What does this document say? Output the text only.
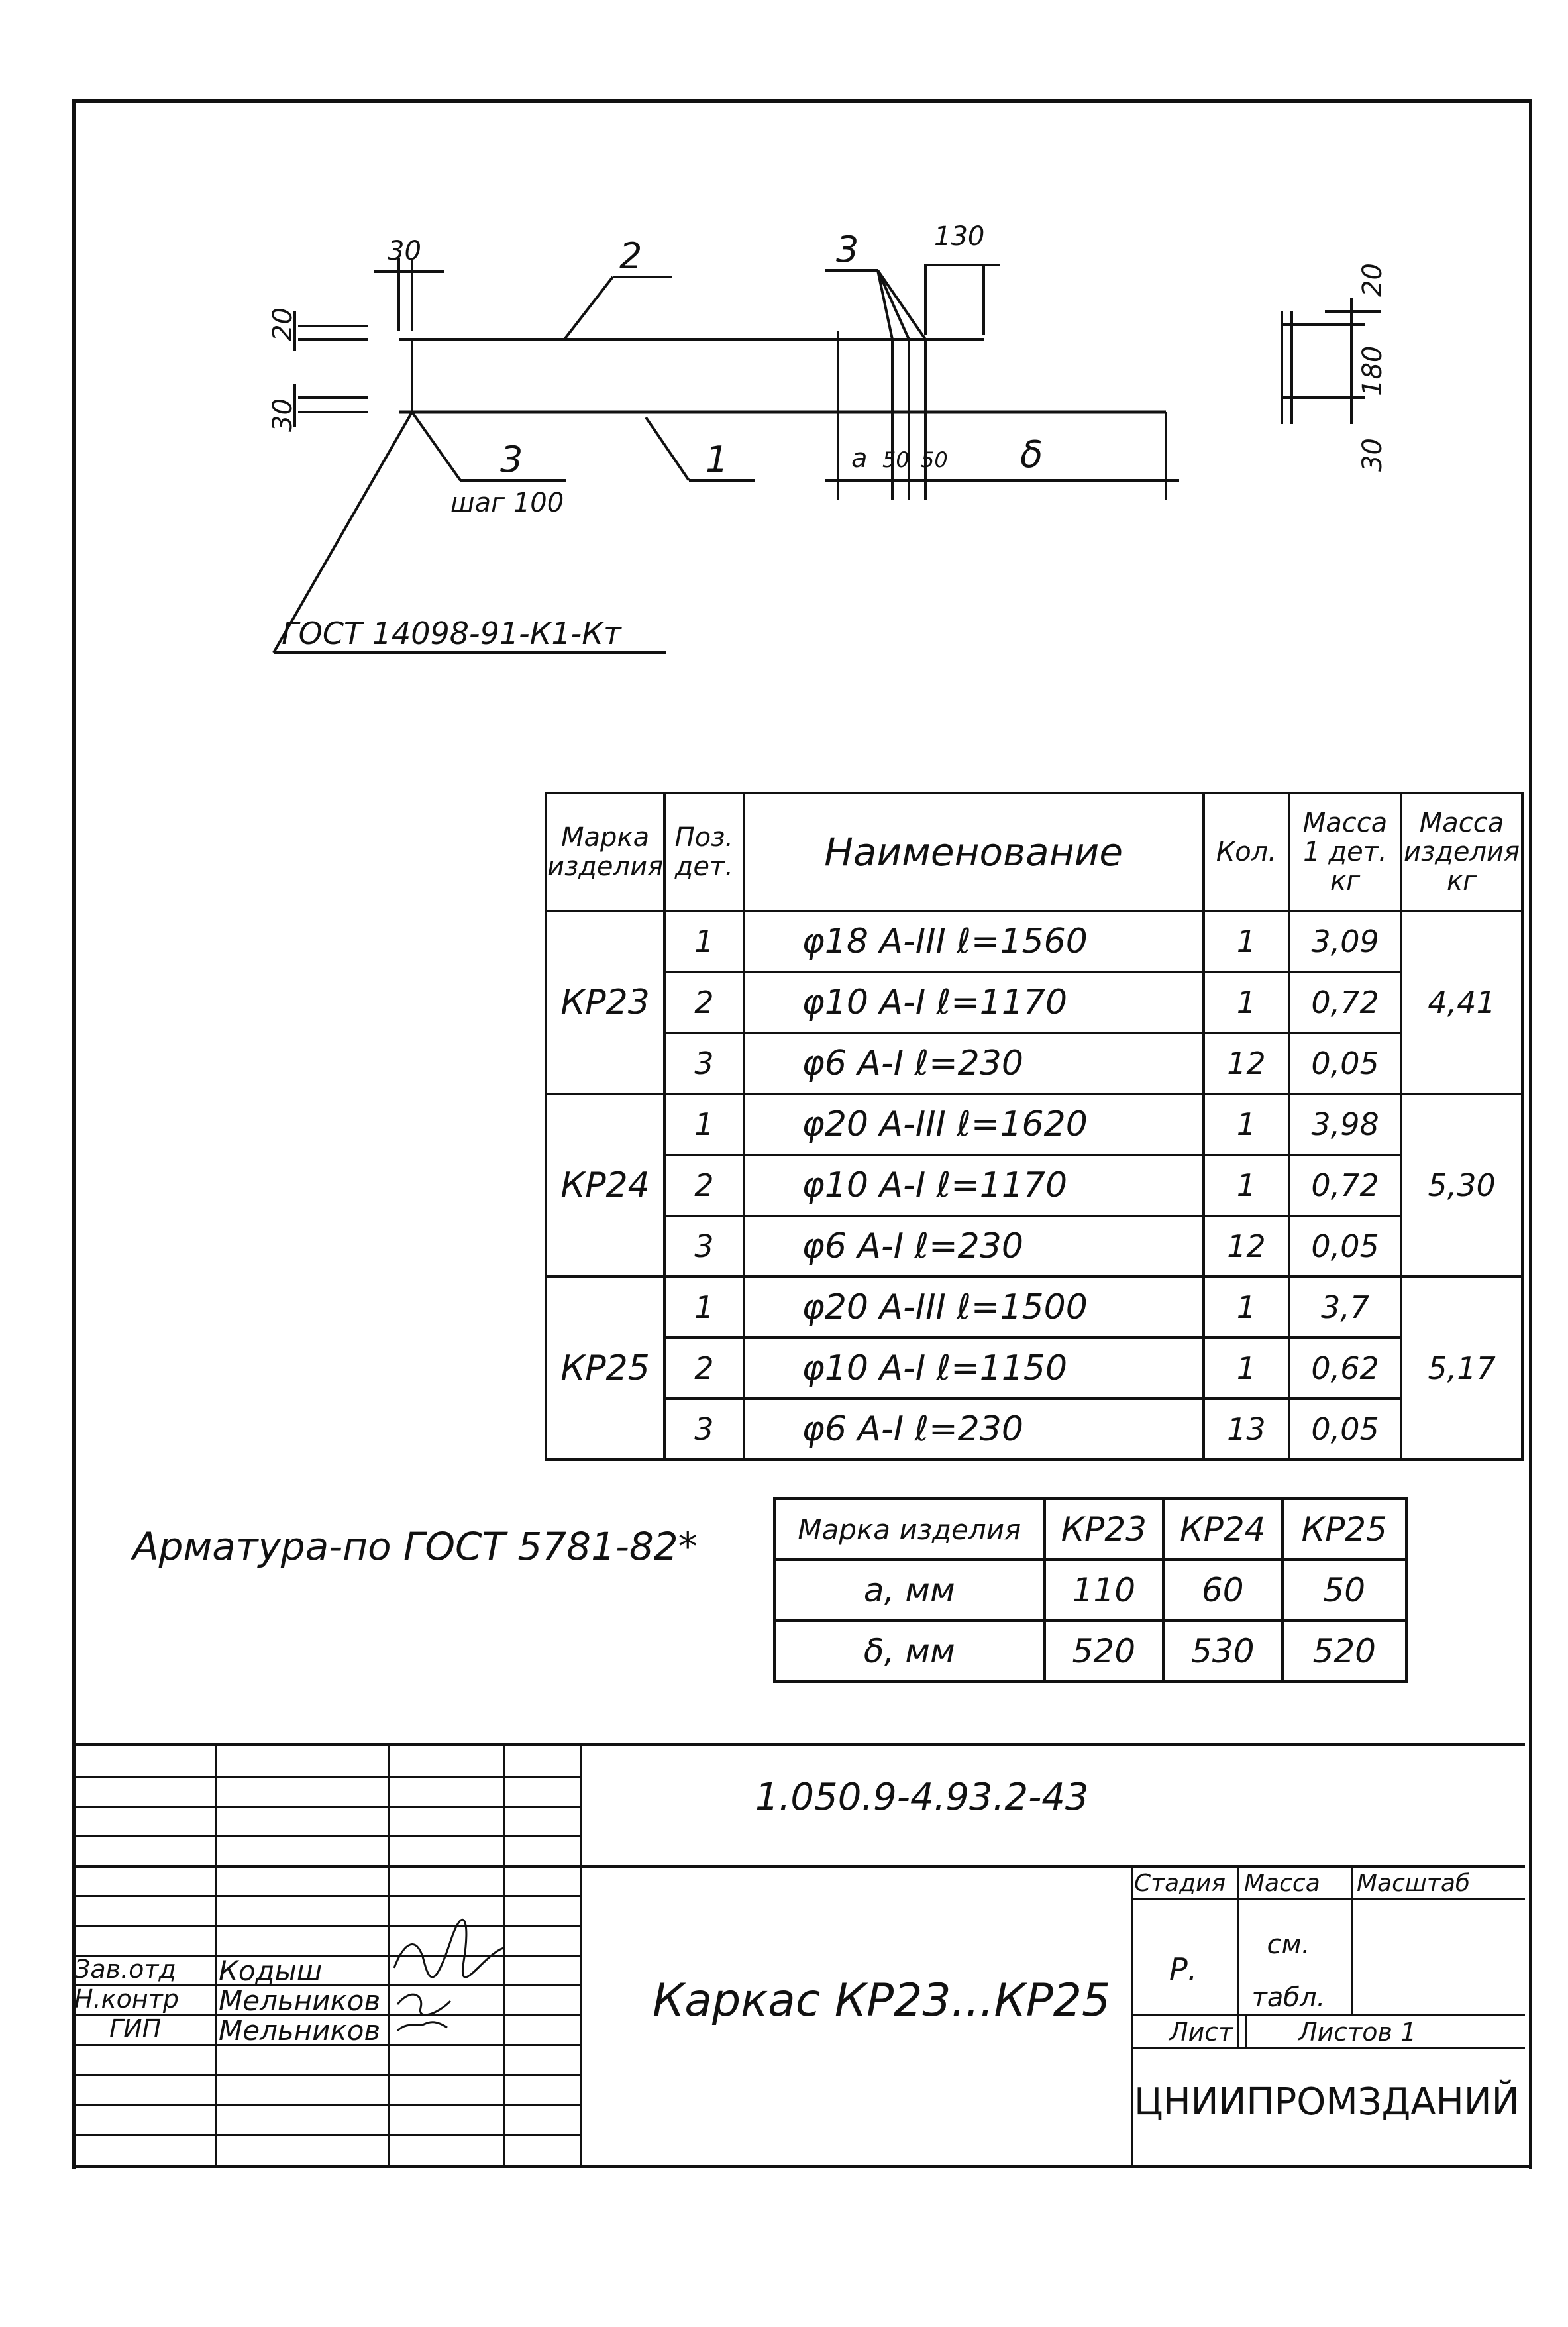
30	130
a 50 50 δ
2
1
3
3
шаг 100
ГОСТ 14098-91-К1-Кт
20
30
20
180
30
Марка изделия	Поз. дет.	Наименование	Кол.	Масса 1 дет. кг	Масса изделия кг
КР23	1	φ18 А-III ℓ=1560	1	3,09	4,41
	2	φ10 А-I ℓ=1170	1	0,72	
	3	φ6 А-I ℓ=230	12	0,05	
КР24	1	φ20 А-III ℓ=1620	1	3,98	5,30
	2	φ10 А-I ℓ=1170	1	0,72	
	3	φ6 А-I ℓ=230	12	0,05	
КР25	1	φ20 А-III ℓ=1500	1	3,7	5,17
	2	φ10 А-I ℓ=1150	1	0,62	
	3	φ6 А-I ℓ=230	13	0,05	
Арматура-по ГОСТ 5781-82*	Марка изделия	КР23	КР24	КР25
a, мм	110	60	50
δ, мм	520	530	520
1.050.9-4.93.2-43
Каркас КР23...КР25
Стадия Масса Масштаб
Р.
см. табл.
Лист	Листов 1
ЦНИИПРОМЗДАНИЙ
Зав.отд Кодыш
Н.контр Мельников
ГИП Мельников
